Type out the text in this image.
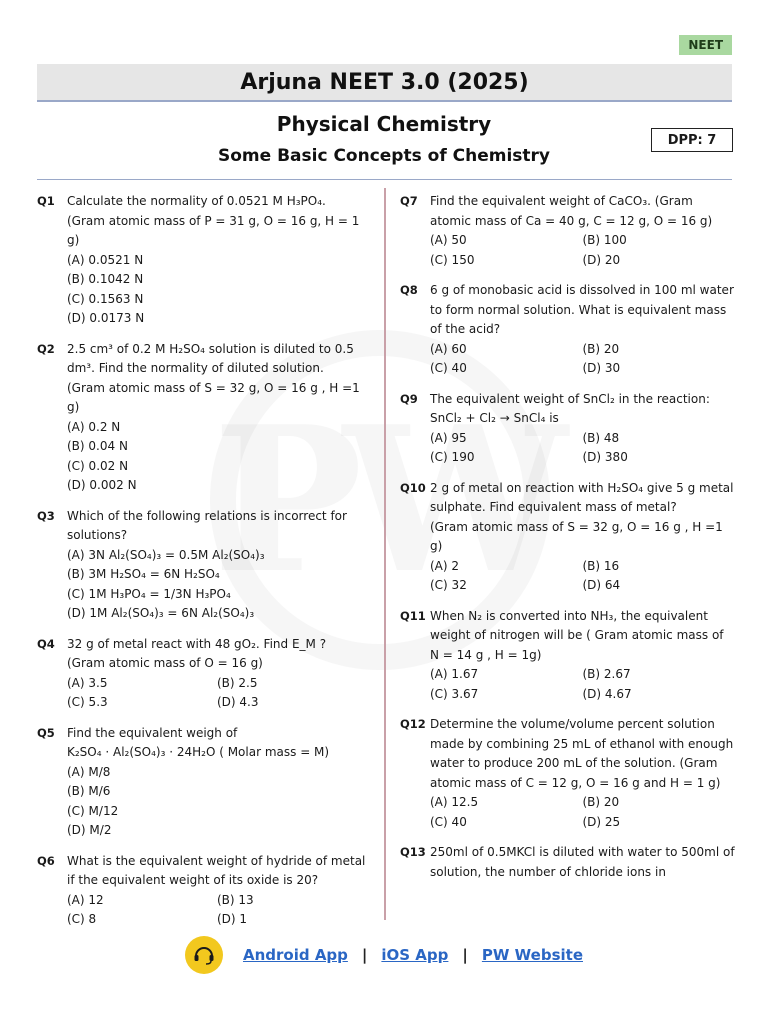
NEET
Arjuna NEET 3.0 (2025)
Physical Chemistry
Some Basic Concepts of Chemistry
DPP: 7
Q1	Calculate the normality of 0.0521 M H₃PO₄.
(Gram atomic mass of P = 31 g, O = 16 g, H = 1 g)
(A) 0.0521 N
(B) 0.1042 N
(C) 0.1563 N
(D) 0.0173 N
Q2	2.5 cm³ of 0.2 M H₂SO₄ solution is diluted to 0.5 dm³. Find the normality of diluted solution.
(Gram atomic mass of S = 32 g, O = 16 g , H =1 g)
(A) 0.2 N
(B) 0.04 N
(C) 0.02 N
(D) 0.002 N
Q3	Which of the following relations is incorrect for solutions?
(A) 3N Al₂(SO₄)₃ = 0.5M Al₂(SO₄)₃
(B) 3M H₂SO₄ = 6N H₂SO₄
(C) 1M H₃PO₄ = 1/3N H₃PO₄
(D) 1M Al₂(SO₄)₃ = 6N Al₂(SO₄)₃
Q4	32 g of metal react with 48 gO₂. Find E_M ?
(Gram atomic mass of O = 16 g)
(A) 3.5	(B) 2.5
(C) 5.3	(D) 4.3
Q5	Find the equivalent weigh of
K₂SO₄ · Al₂(SO₄)₃ · 24H₂O ( Molar mass = M)
(A) M/8
(B) M/6
(C) M/12
(D) M/2
Q6	What is the equivalent weight of hydride of metal if the equivalent weight of its oxide is 20?
(A) 12	(B) 13
(C) 8	(D) 1
Q7	Find the equivalent weight of CaCO₃. (Gram atomic mass of Ca = 40 g, C = 12 g, O = 16 g)
(A) 50	(B) 100
(C) 150	(D) 20
Q8	6 g of monobasic acid is dissolved in 100 ml water to form normal solution. What is equivalent mass of the acid?
(A) 60	(B) 20
(C) 40	(D) 30
Q9	The equivalent weight of SnCl₂ in the reaction:
SnCl₂ + Cl₂ → SnCl₄ is
(A) 95	(B) 48
(C) 190	(D) 380
Q10 2 g of metal on reaction with H₂SO₄ give 5 g metal sulphate. Find equivalent mass of metal?
(Gram atomic mass of S = 32 g, O = 16 g , H =1 g)
(A) 2	(B) 16
(C) 32	(D) 64
Q11 When N₂ is converted into NH₃, the equivalent weight of nitrogen will be ( Gram atomic mass of N = 14 g , H = 1g)
(A) 1.67	(B) 2.67
(C) 3.67	(D) 4.67
Q12 Determine the volume/volume percent solution made by combining 25 mL of ethanol with enough water to produce 200 mL of the solution. (Gram atomic mass of C = 12 g, O = 16 g and H = 1 g)
(A) 12.5	(B) 20
(C) 40	(D) 25
Q13 250ml of 0.5MKCl is diluted with water to 500ml of solution, the number of chloride ions in
Android App | iOS App | PW Website
